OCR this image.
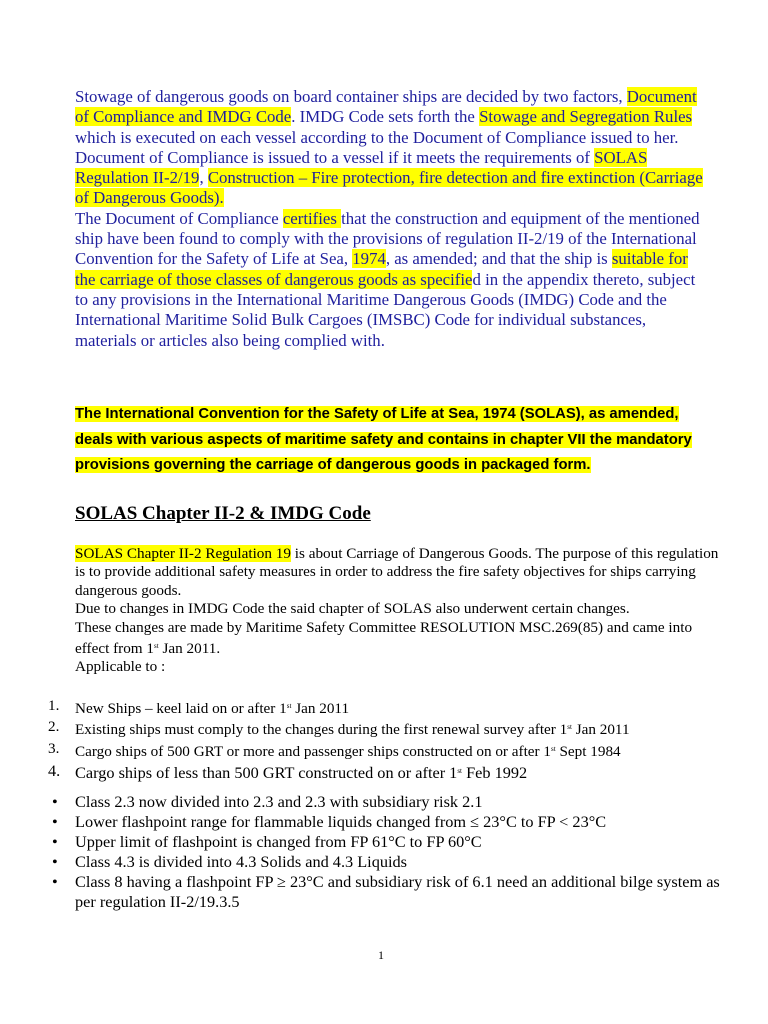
Stowage of dangerous goods on board container ships are decided by two factors, Document of Compliance and IMDG Code. IMDG Code sets forth the Stowage and Segregation Rules which is executed on each vessel according to the Document of Compliance issued to her. Document of Compliance is issued to a vessel if it meets the requirements of SOLAS Regulation II-2/19, Construction – Fire protection, fire detection and fire extinction (Carriage of Dangerous Goods).

The Document of Compliance certifies that the construction and equipment of the mentioned ship have been found to comply with the provisions of regulation II-2/19 of the International Convention for the Safety of Life at Sea, 1974, as amended; and that the ship is suitable for the carriage of those classes of dangerous goods as specified in the appendix thereto, subject to any provisions in the International Maritime Dangerous Goods (IMDG) Code and the International Maritime Solid Bulk Cargoes (IMSBC) Code for individual substances, materials or articles also being complied with.

The International Convention for the Safety of Life at Sea, 1974 (SOLAS), as amended, deals with various aspects of maritime safety and contains in chapter VII the mandatory provisions governing the carriage of dangerous goods in packaged form.
SOLAS Chapter II-2 & IMDG Code

SOLAS Chapter II-2 Regulation 19 is about Carriage of Dangerous Goods. The purpose of this regulation is to provide additional safety measures in order to address the fire safety objectives for ships carrying dangerous goods.

Due to changes in IMDG Code the said chapter of SOLAS also underwent certain changes.

These changes are made by Maritime Safety Committee RESOLUTION MSC.269(85) and came into effect from 1st Jan 2011.

Applicable to :

1. New Ships – keel laid on or after 1st Jan 2011
2. Existing ships must comply to the changes during the first renewal survey after 1st Jan 2011
3. Cargo ships of 500 GRT or more and passenger ships constructed on or after 1st Sept 1984
4. Cargo ships of less than 500 GRT constructed on or after 1st Feb 1992
• Class 2.3 now divided into 2.3 and 2.3 with subsidiary risk 2.1
• Lower flashpoint range for flammable liquids changed from ≤ 23°C to FP < 23°C
• Upper limit of flashpoint is changed from FP 61°C to FP 60°C
• Class 4.3 is divided into 4.3 Solids and 4.3 Liquids
• Class 8 having a flashpoint FP ≥ 23°C and subsidiary risk of 6.1 need an additional bilge system as per regulation II-2/19.3.5
1
